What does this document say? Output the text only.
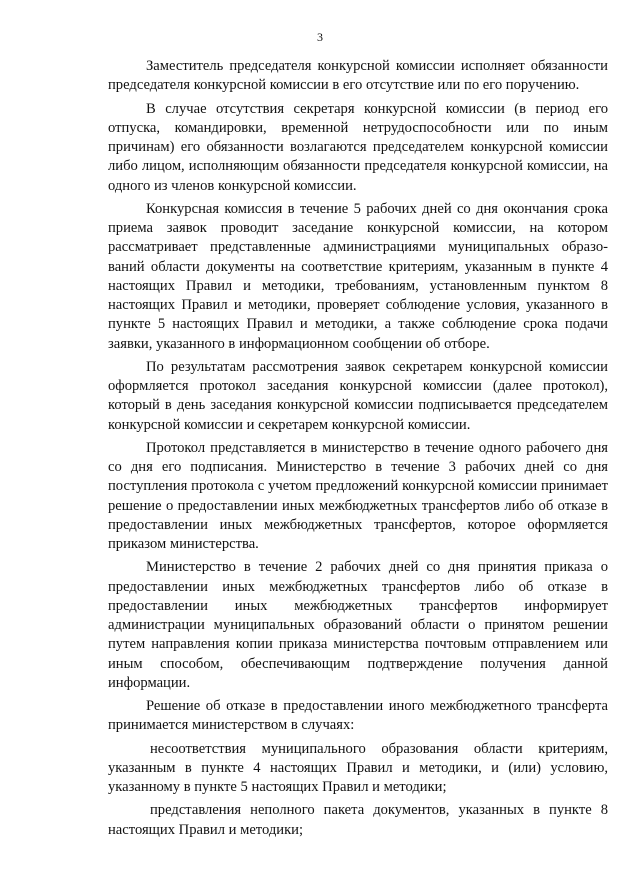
3

Заместитель председателя конкурсной комиссии исполняет обязанности председателя конкурсной комиссии в его отсутствие или по его поручению.

В случае отсутствия секретаря конкурсной комиссии (в период его отпуска, командировки, временной нетрудоспособности или по иным причинам) его обязанности возлагаются председателем конкурсной комиссии либо лицом, исполняющим обязанности председателя конкурсной комиссии, на одного из членов конкурсной комиссии.

Конкурсная комиссия в течение 5 рабочих дней со дня окончания срока приема заявок проводит заседание конкурсной комиссии, на котором рассматривает представленные администрациями муниципальных образо-ваний области документы на соответствие критериям, указанным в пункте 4 настоящих Правил и методики, требованиям, установленным пунктом 8 настоящих Правил и методики, проверяет соблюдение условия, указанного в пункте 5 настоящих Правил и методики, а также соблюдение срока подачи заявки, указанного в информационном сообщении об отборе.

По результатам рассмотрения заявок секретарем конкурсной комиссии оформляется протокол заседания конкурсной комиссии (далее протокол), который в день заседания конкурсной комиссии подписывается председателем конкурсной комиссии и секретарем конкурсной комиссии.

Протокол представляется в министерство в течение одного рабочего дня со дня его подписания. Министерство в течение 3 рабочих дней со дня поступления протокола с учетом предложений конкурсной комиссии принимает решение о предоставлении иных межбюджетных трансфертов либо об отказе в предоставлении иных межбюджетных трансфертов, которое оформляется приказом министерства.

Министерство в течение 2 рабочих дней со дня принятия приказа о предоставлении иных межбюджетных трансфертов либо об отказе в предоставлении иных межбюджетных трансфертов информирует администрации муниципальных образований области о принятом решении путем направления копии приказа министерства почтовым отправлением или иным способом, обеспечивающим подтверждение получения данной информации.

Решение об отказе в предоставлении иного межбюджетного трансферта принимается министерством в случаях:

несоответствия муниципального образования области критериям, указанным в пункте 4 настоящих Правил и методики, и (или) условию, указанному в пункте 5 настоящих Правил и методики;

представления неполного пакета документов, указанных в пункте 8 настоящих Правил и методики;
